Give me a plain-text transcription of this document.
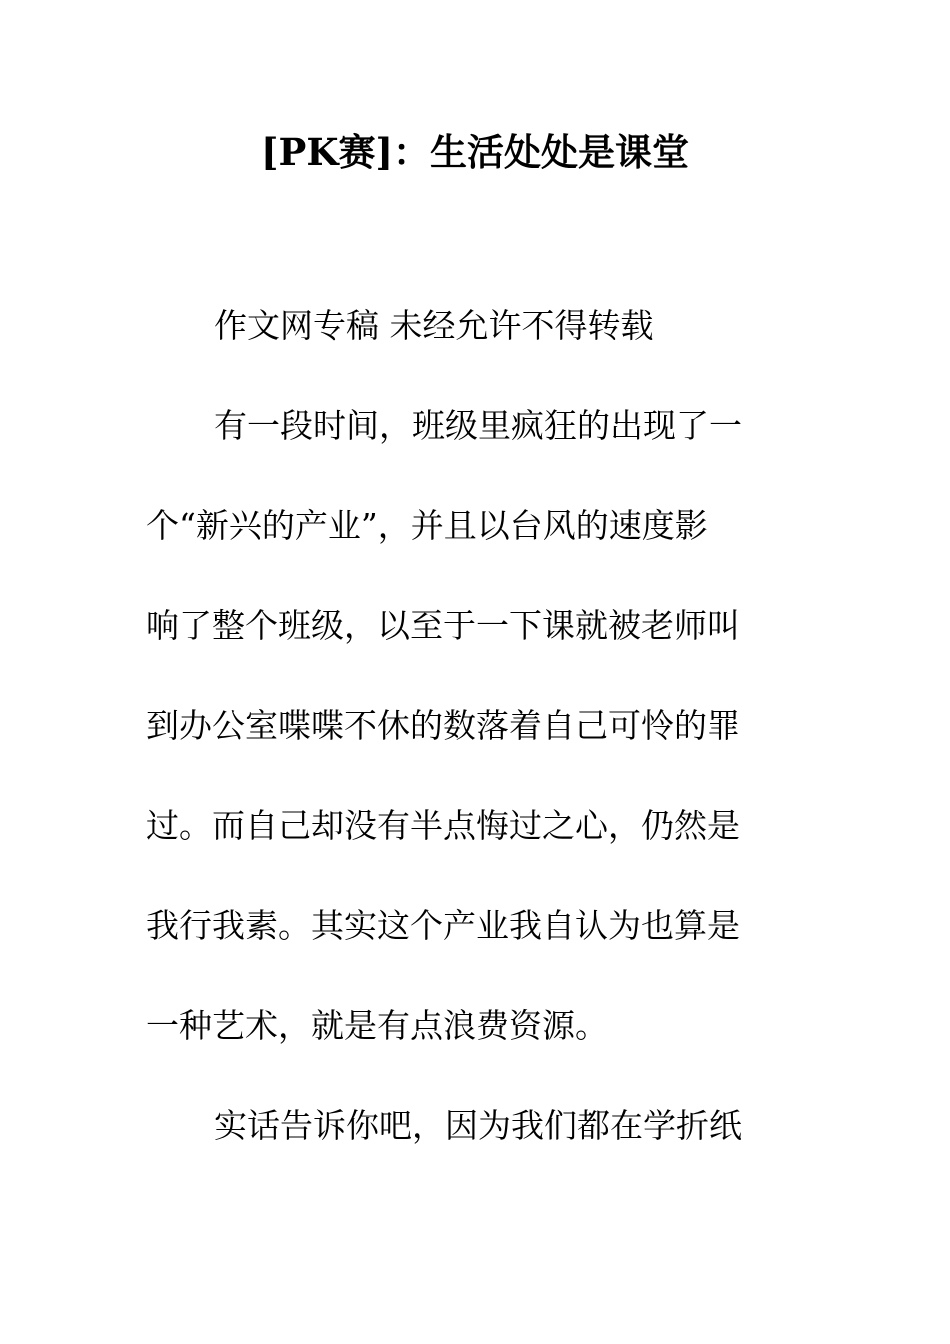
[PK赛]：生活处处是课堂
作文网专稿 未经允许不得转载
有一段时间，班级里疯狂的出现了一
个“新兴的产业”，并且以台风的速度影
响了整个班级，以至于一下课就被老师叫
到办公室喋喋不休的数落着自己可怜的罪
过。而自己却没有半点悔过之心，仍然是
我行我素。其实这个产业我自认为也算是
一种艺术，就是有点浪费资源。
实话告诉你吧，因为我们都在学折纸
